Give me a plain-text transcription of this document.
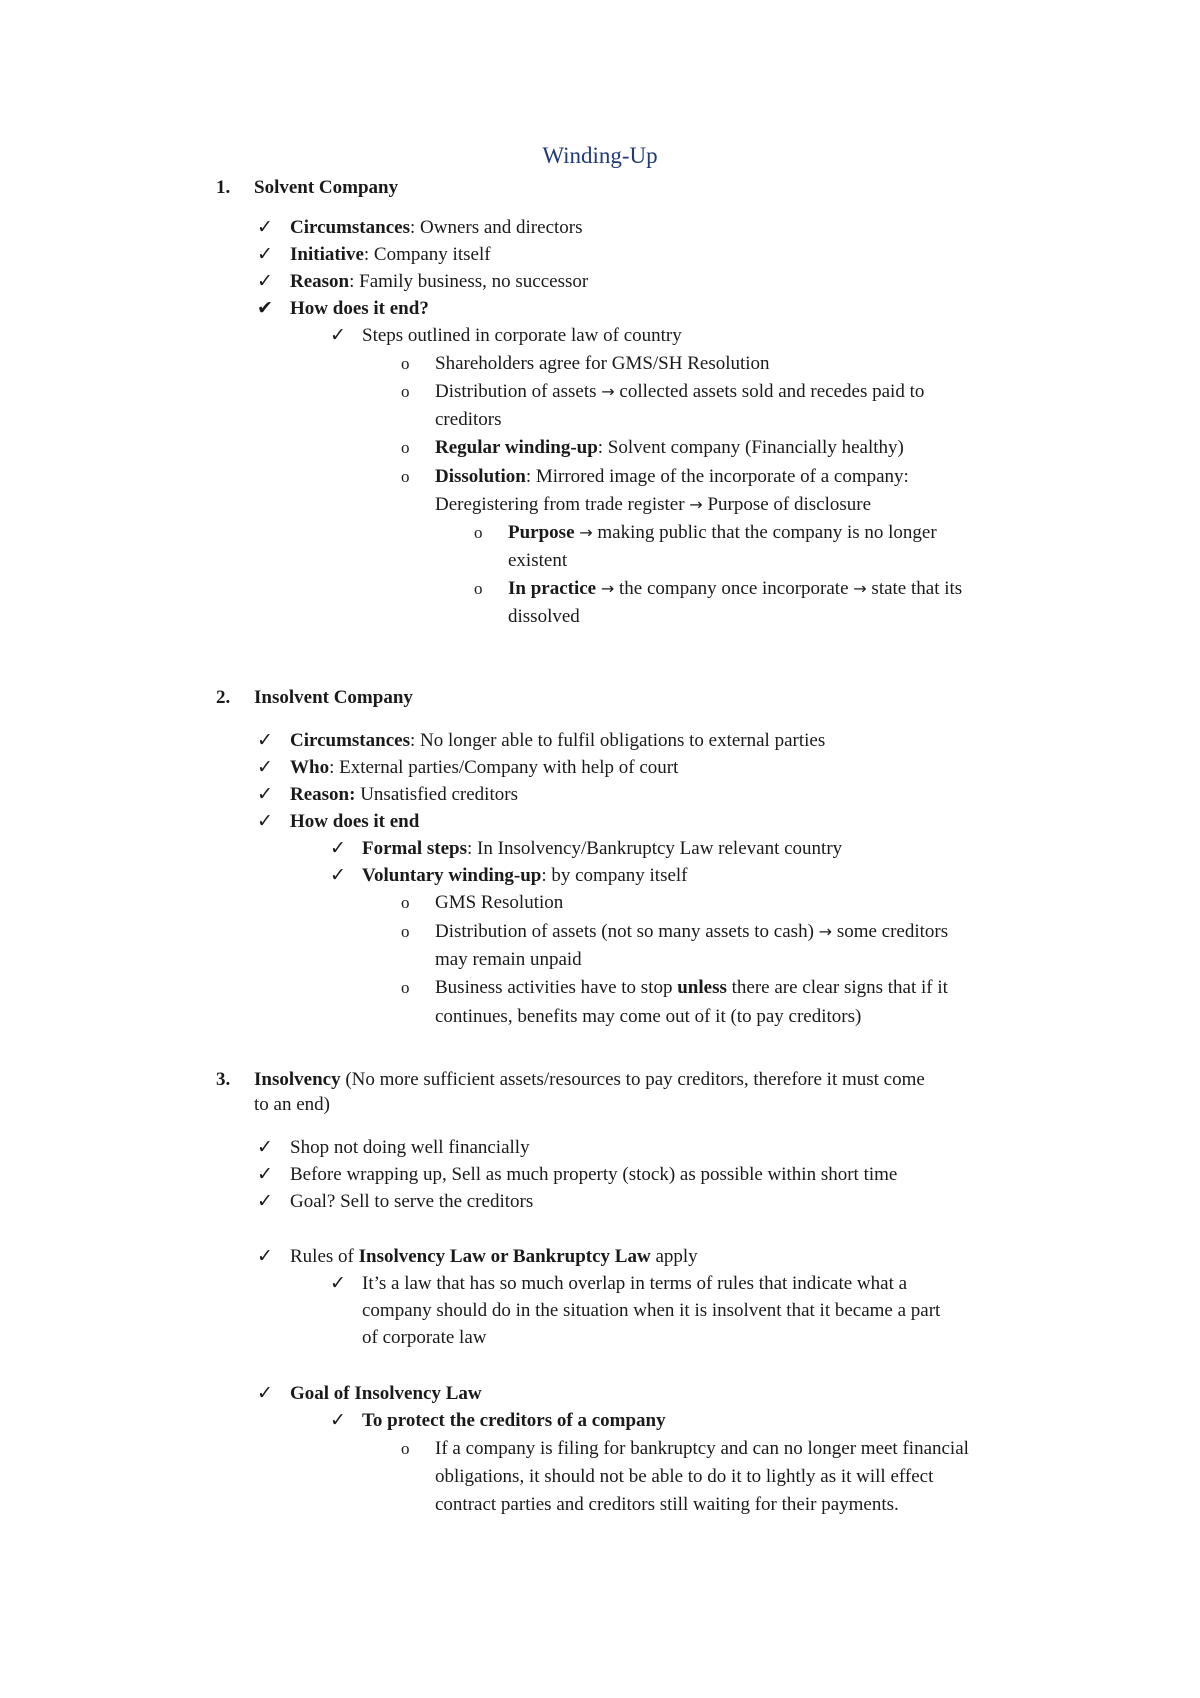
Winding-Up
1. Solvent Company
✓ Circumstances: Owners and directors
✓ Initiative: Company itself
✓ Reason: Family business, no successor
✔ How does it end?
✓ Steps outlined in corporate law of country
o Shareholders agree for GMS/SH Resolution
o Distribution of assets → collected assets sold and recedes paid to
creditors
o Regular winding-up: Solvent company (Financially healthy)
o Dissolution: Mirrored image of the incorporate of a company:
Deregistering from trade register → Purpose of disclosure
o Purpose → making public that the company is no longer
existent
o In practice → the company once incorporate → state that its
dissolved
2. Insolvent Company
✓ Circumstances: No longer able to fulfil obligations to external parties
✓ Who: External parties/Company with help of court
✓ Reason: Unsatisfied creditors
✓ How does it end
✓ Formal steps: In Insolvency/Bankruptcy Law relevant country
✓ Voluntary winding-up: by company itself
o GMS Resolution
o Distribution of assets (not so many assets to cash) → some creditors
may remain unpaid
o Business activities have to stop unless there are clear signs that if it
continues, benefits may come out of it (to pay creditors)
3. Insolvency (No more sufficient assets/resources to pay creditors, therefore it must come
to an end)
✓ Shop not doing well financially
✓ Before wrapping up, Sell as much property (stock) as possible within short time
✓ Goal? Sell to serve the creditors
✓ Rules of Insolvency Law or Bankruptcy Law apply
✓ It’s a law that has so much overlap in terms of rules that indicate what a
company should do in the situation when it is insolvent that it became a part
of corporate law
✓ Goal of Insolvency Law
✓ To protect the creditors of a company
o If a company is filing for bankruptcy and can no longer meet financial
obligations, it should not be able to do it to lightly as it will effect
contract parties and creditors still waiting for their payments.
